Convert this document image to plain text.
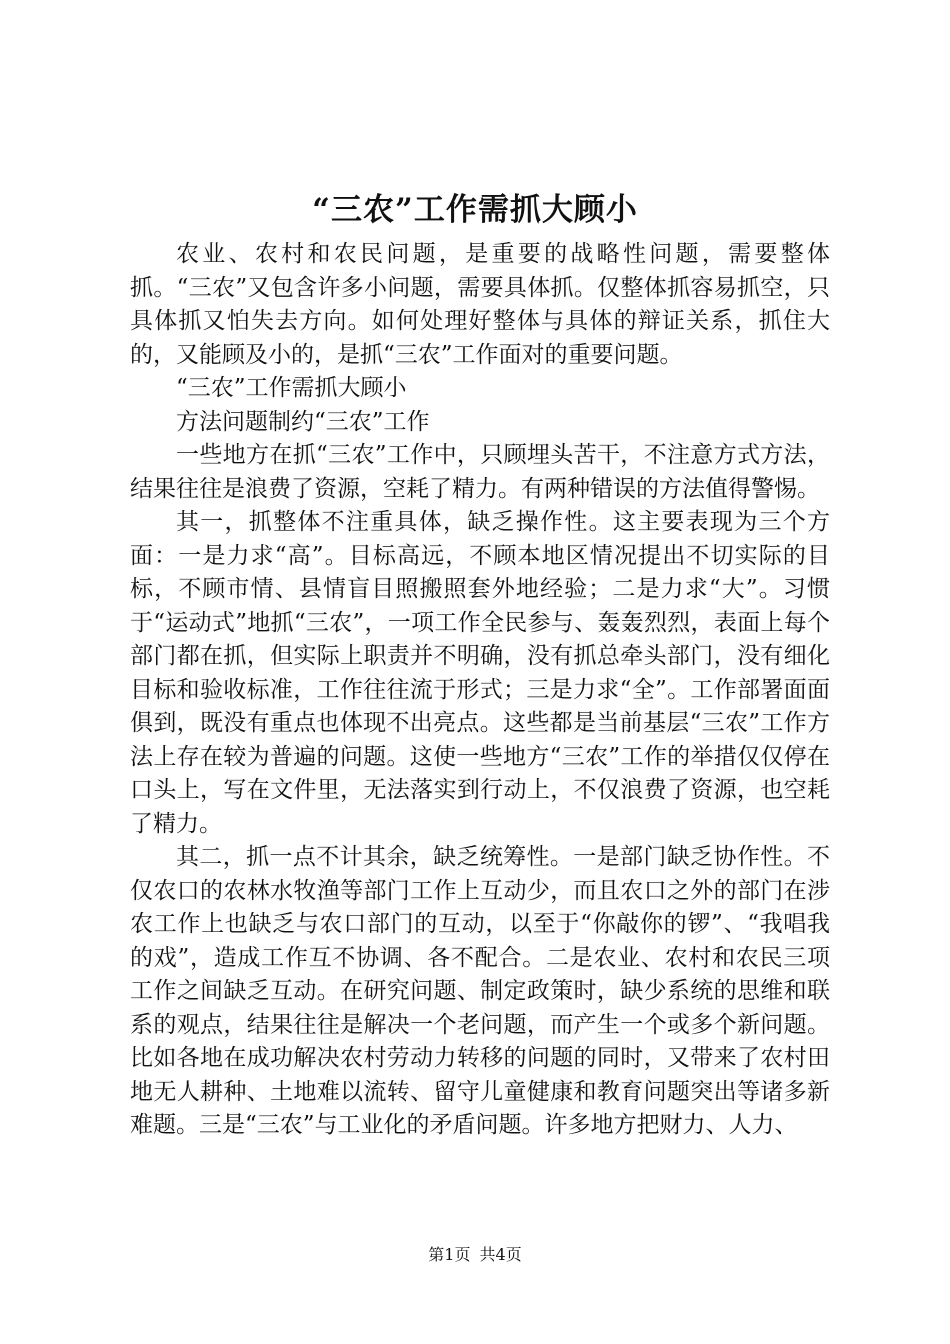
“三农”工作需抓大顾小

农业、农村和农民问题，是重要的战略性问题，需要整体抓。“三农”又包含许多小问题，需要具体抓。仅整体抓容易抓空，只具体抓又怕失去方向。如何处理好整体与具体的辩证关系，抓住大的，又能顾及小的，是抓“三农”工作面对的重要问题。

“三农”工作需抓大顾小

方法问题制约“三农”工作

一些地方在抓“三农”工作中，只顾埋头苦干，不注意方式方法，结果往往是浪费了资源，空耗了精力。有两种错误的方法值得警惕。

其一，抓整体不注重具体，缺乏操作性。这主要表现为三个方面：一是力求“高”。目标高远，不顾本地区情况提出不切实际的目标，不顾市情、县情盲目照搬照套外地经验；二是力求“大”。习惯于“运动式”地抓“三农”，一项工作全民参与、轰轰烈烈，表面上每个部门都在抓，但实际上职责并不明确，没有抓总牵头部门，没有细化目标和验收标准，工作往往流于形式；三是力求“全”。工作部署面面俱到，既没有重点也体现不出亮点。这些都是当前基层“三农”工作方法上存在较为普遍的问题。这使一些地方“三农”工作的举措仅仅停在口头上，写在文件里，无法落实到行动上，不仅浪费了资源，也空耗了精力。

其二，抓一点不计其余，缺乏统筹性。一是部门缺乏协作性。不仅农口的农林水牧渔等部门工作上互动少，而且农口之外的部门在涉农工作上也缺乏与农口部门的互动，以至于“你敲你的锣”、“我唱我的戏”，造成工作互不协调、各不配合。二是农业、农村和农民三项工作之间缺乏互动。在研究问题、制定政策时，缺少系统的思维和联系的观点，结果往往是解决一个老问题，而产生一个或多个新问题。比如各地在成功解决农村劳动力转移的问题的同时，又带来了农村田地无人耕种、土地难以流转、留守儿童健康和教育问题突出等诸多新难题。三是“三农”与工业化的矛盾问题。许多地方把财力、人力、

第1页 共4页
